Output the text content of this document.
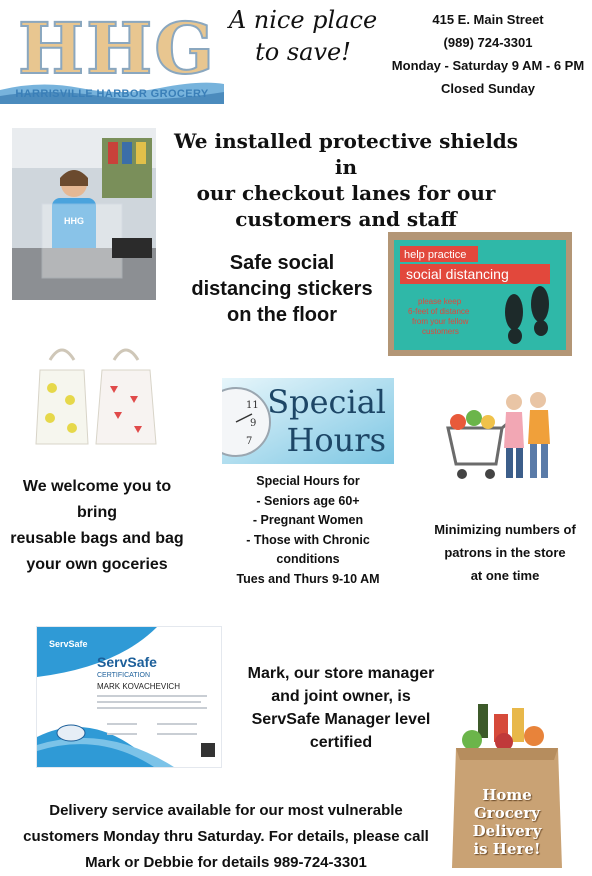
HHG
HARRISVILLE HARBOR GROCERY
A nice place
to save!
415 E. Main Street
(989) 724-3301
Monday - Saturday 9 AM - 6 PM
Closed Sunday
HHG
We installed protective shields in
our checkout lanes for our
customers and staff
Safe social
distancing stickers
on the floor
help practice
social distancing
please keep
6-feet of distance
from your fellow
customers
We welcome you to bring
reusable bags and bag
your own goceries
11
9
7
Special
Hours
Special Hours for
- Seniors age 60+
- Pregnant Women
- Those with Chronic
conditions
Tues and Thurs 9-10 AM
Minimizing numbers of
patrons in the store
at one time
ServSafe
ServSafe
CERTIFICATION
MARK KOVACHEVICH
Mark, our store manager
and joint owner, is
ServSafe Manager level
certified
Delivery service available for our most vulnerable
customers Monday thru Saturday. For details, please call
Mark or Debbie for details 989-724-3301
Home
Grocery
Delivery
is Here!
